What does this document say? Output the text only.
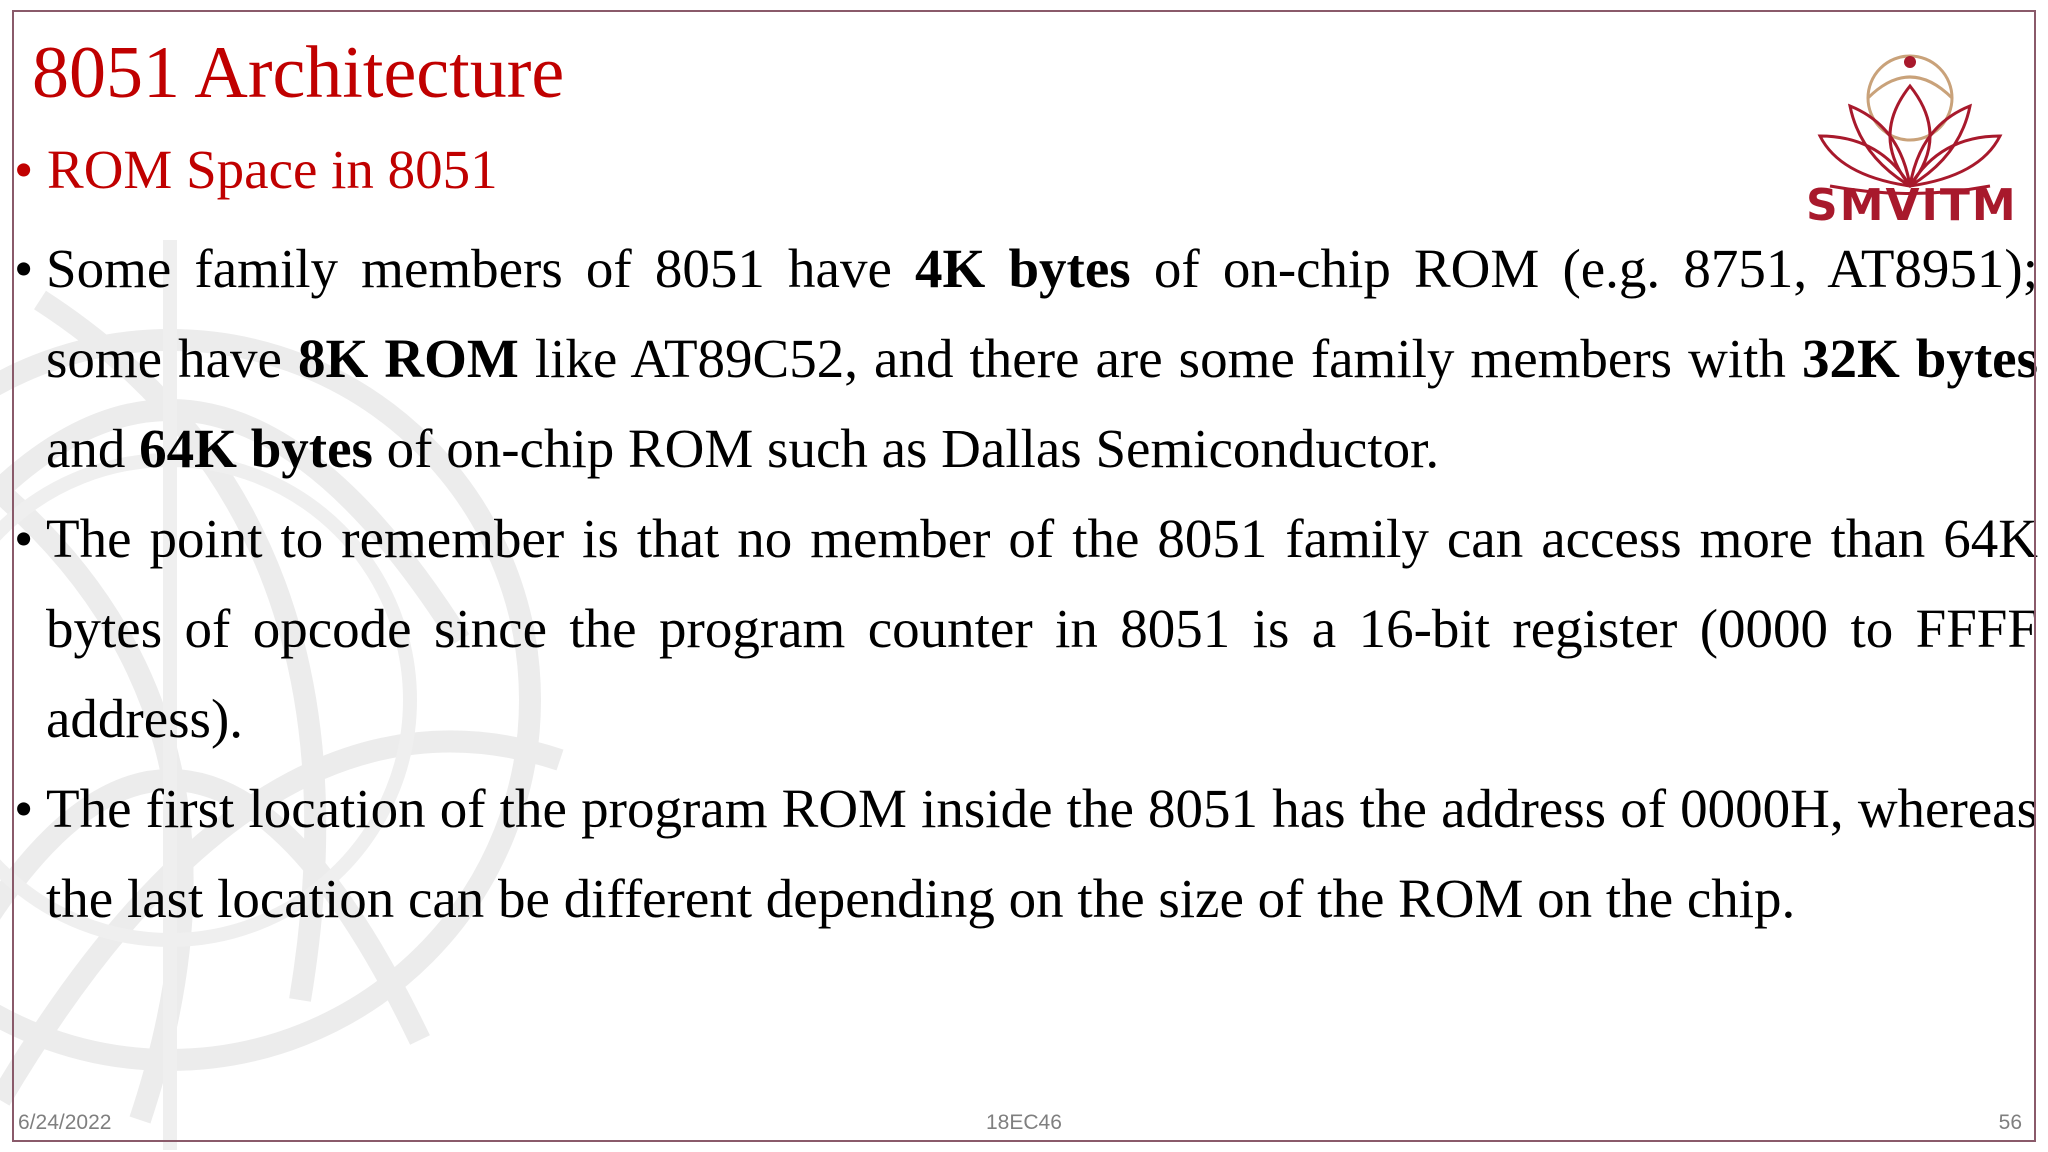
8051 Architecture
• ROM Space in 8051

• Some family members of 8051 have 4K bytes of on-chip ROM (e.g. 8751, AT8951); some have 8K ROM like AT89C52, and there are some family members with 32K bytes and 64K bytes of on-chip ROM such as Dallas Semiconductor.

• The point to remember is that no member of the 8051 family can access more than 64K bytes of opcode since the program counter in 8051 is a 16-bit register (0000 to FFFF address).

• The first location of the program ROM inside the 8051 has the address of 0000H, whereas the last location can be different depending on the size of the ROM on the chip.

SMVITM
6/24/2022	18EC46	56
